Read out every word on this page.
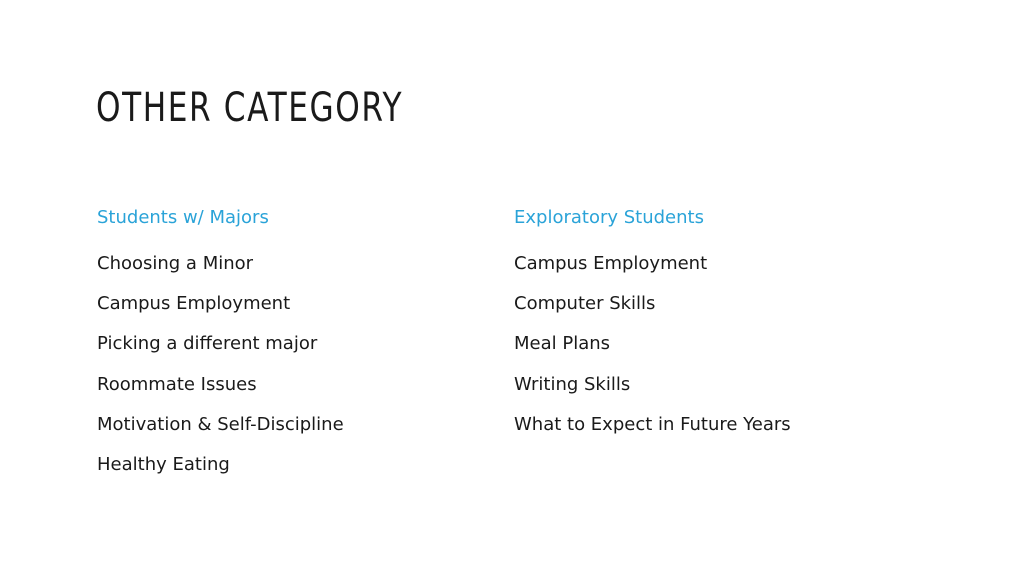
OTHER CATEGORY
Students w/ Majors
Choosing a Minor
Campus Employment
Picking a different major
Roommate Issues
Motivation & Self-Discipline
Healthy Eating
Exploratory Students
Campus Employment
Computer Skills
Meal Plans
Writing Skills
What to Expect in Future Years
